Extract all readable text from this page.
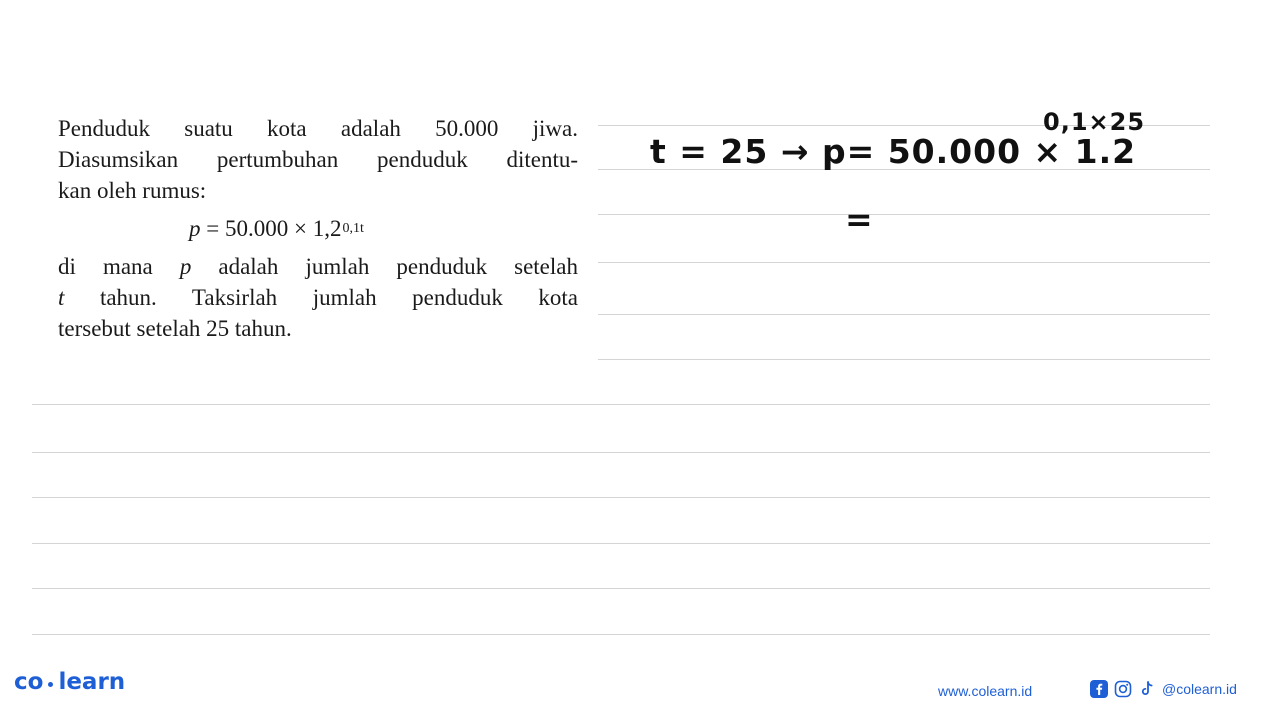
Penduduk suatu kota adalah 50.000 jiwa.
Diasumsikan pertumbuhan penduduk ditentu-
kan oleh rumus:
p = 50.000 × 1,2 0,1t
di mana p adalah jumlah penduduk setelah
t tahun. Taksirlah jumlah penduduk kota
tersebut setelah 25 tahun.
t = 25 → p= 50.000 × 1.2
0,1×25
=
co learn	www.colearn.id	@colearn.id
